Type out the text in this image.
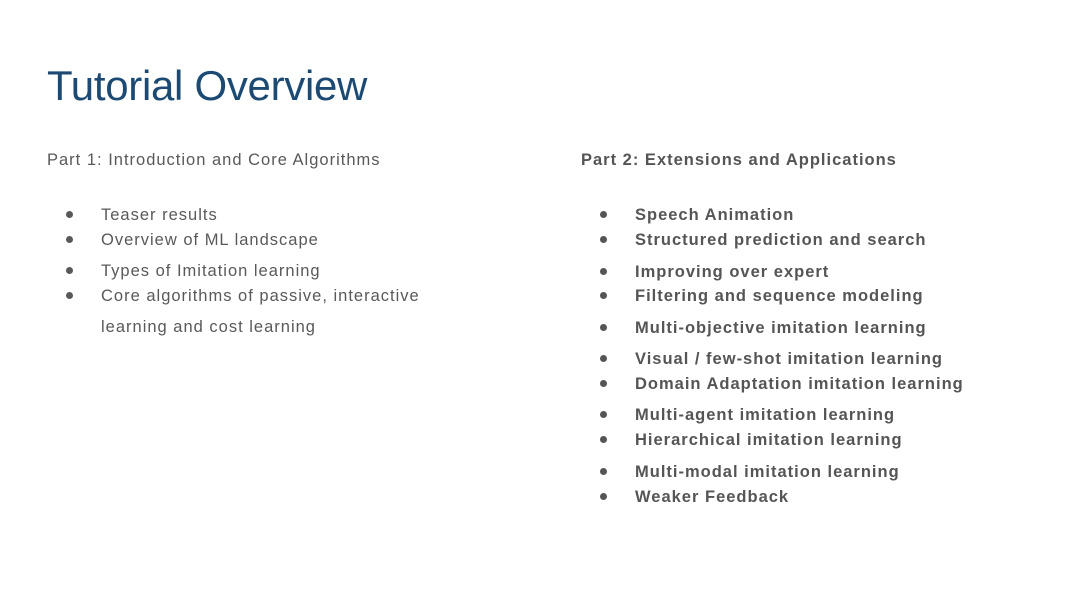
Tutorial Overview

Part 1: Introduction and Core Algorithms

Teaser results
Overview of ML landscape
Types of Imitation learning
Core algorithms of passive, interactive
learning and cost learning

Part 2: Extensions and Applications

Speech Animation
Structured prediction and search
Improving over expert
Filtering and sequence modeling
Multi-objective imitation learning
Visual / few-shot imitation learning
Domain Adaptation imitation learning
Multi-agent imitation learning
Hierarchical imitation learning
Multi-modal imitation learning
Weaker Feedback
